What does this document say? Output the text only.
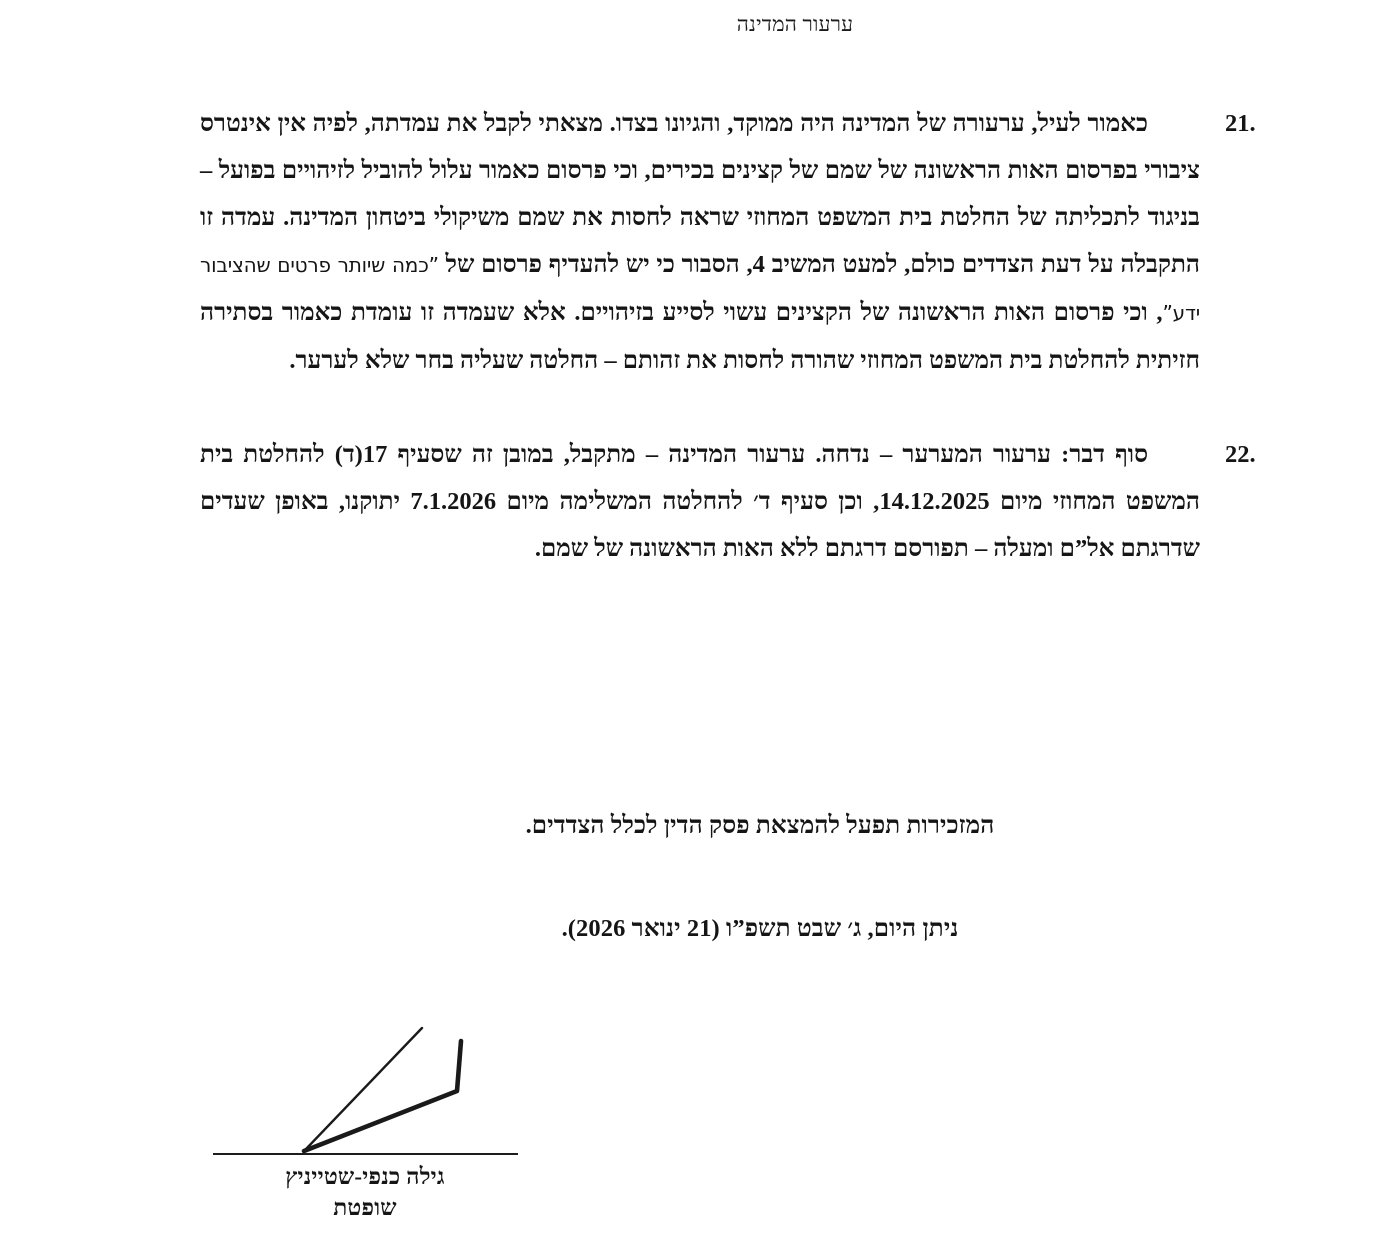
ערעור המדינה

21.
כאמור לעיל, ערעורה של המדינה היה ממוקד, והגיונו בצדו. מצאתי לקבל את עמדתה, לפיה אין אינטרס ציבורי בפרסום האות הראשונה של שמם של קצינים בכירים, וכי פרסום כאמור עלול להוביל לזיהויים בפועל – בניגוד לתכליתה של החלטת בית המשפט המחוזי שראה לחסות את שמם משיקולי ביטחון המדינה. עמדה זו התקבלה על דעת הצדדים כולם, למעט המשיב 4, הסבור כי יש להעדיף פרסום של ”כמה שיותר פרטים שהציבור ידע”, וכי פרסום האות הראשונה של הקצינים עשוי לסייע בזיהויים. אלא שעמדה זו עומדת כאמור בסתירה חזיתית להחלטת בית המשפט המחוזי שהורה לחסות את זהותם – החלטה שעליה בחר שלא לערער.

22.
סוף דבר: ערעור המערער – נדחה. ערעור המדינה – מתקבל, במובן זה שסעיף 17(ד) להחלטת בית המשפט המחוזי מיום 14.12.2025, וכן סעיף ד׳ להחלטה המשלימה מיום 7.1.2026 יתוקנו, באופן שעדים שדרגתם אל”ם ומעלה – תפורסם דרגתם ללא האות הראשונה של שמם.

המזכירות תפעל להמצאת פסק הדין לכלל הצדדים.
ניתן היום, ג׳ שבט תשפ”ו (21 ינואר 2026).
גילה כנפי-שטייניץ
שופטת
